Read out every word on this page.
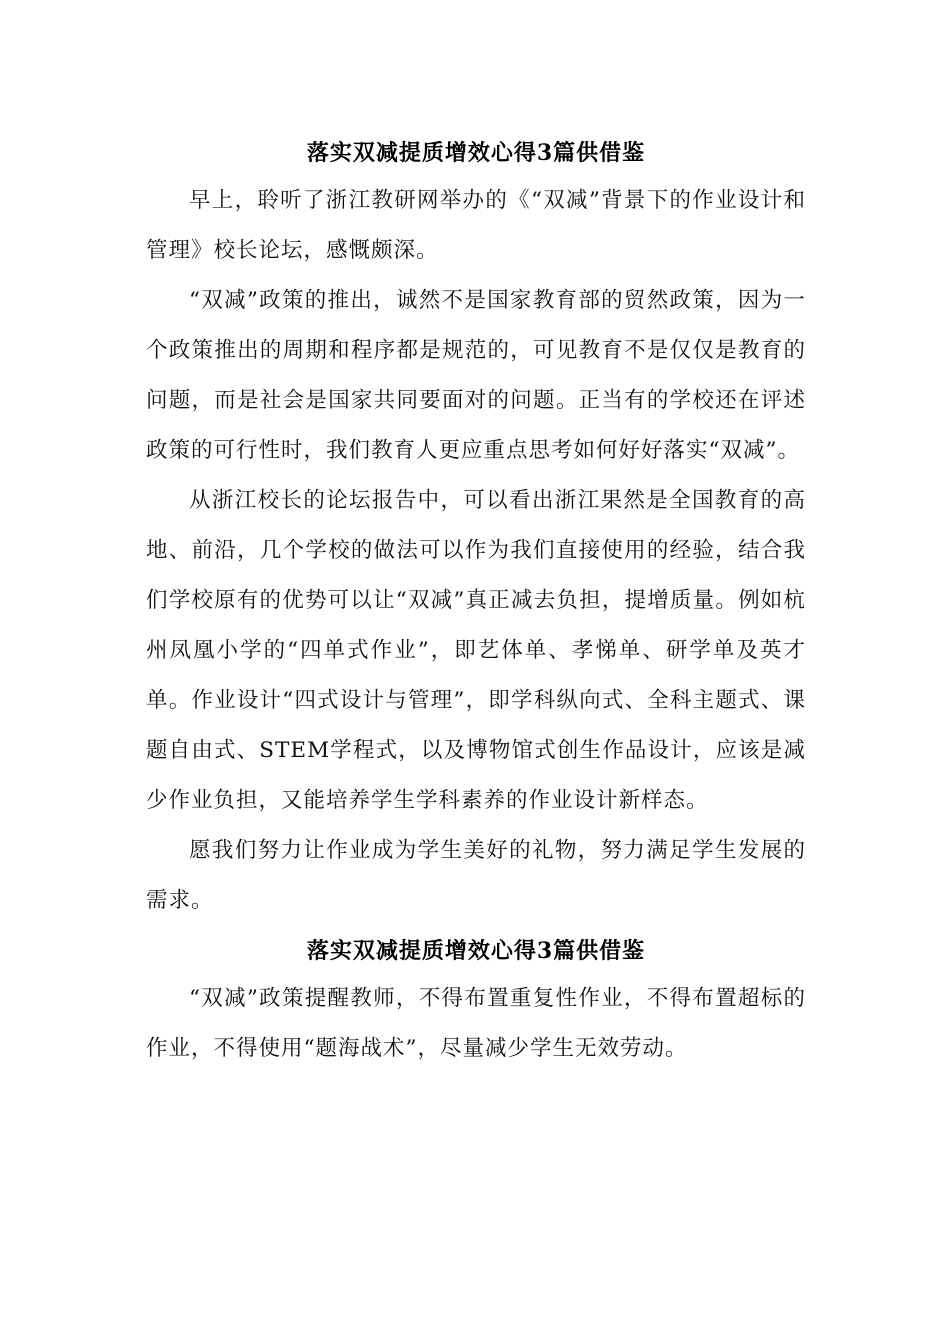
落实双减提质增效心得3篇供借鉴

早上，聆听了浙江教研网举办的《“双减”背景下的作业设计和管理》校长论坛，感慨颇深。

“双减”政策的推出，诚然不是国家教育部的贸然政策，因为一个政策推出的周期和程序都是规范的，可见教育不是仅仅是教育的问题，而是社会是国家共同要面对的问题。正当有的学校还在评述政策的可行性时，我们教育人更应重点思考如何好好落实“双减”。

从浙江校长的论坛报告中，可以看出浙江果然是全国教育的高地、前沿，几个学校的做法可以作为我们直接使用的经验，结合我们学校原有的优势可以让“双减”真正减去负担，提增质量。例如杭州凤凰小学的“四单式作业”，即艺体单、孝悌单、研学单及英才单。作业设计“四式设计与管理”，即学科纵向式、全科主题式、课题自由式、STEM学程式，以及博物馆式创生作品设计，应该是减少作业负担，又能培养学生学科素养的作业设计新样态。

愿我们努力让作业成为学生美好的礼物，努力满足学生发展的需求。

落实双减提质增效心得3篇供借鉴

“双减”政策提醒教师，不得布置重复性作业，不得布置超标的作业，不得使用“题海战术”，尽量减少学生无效劳动。
